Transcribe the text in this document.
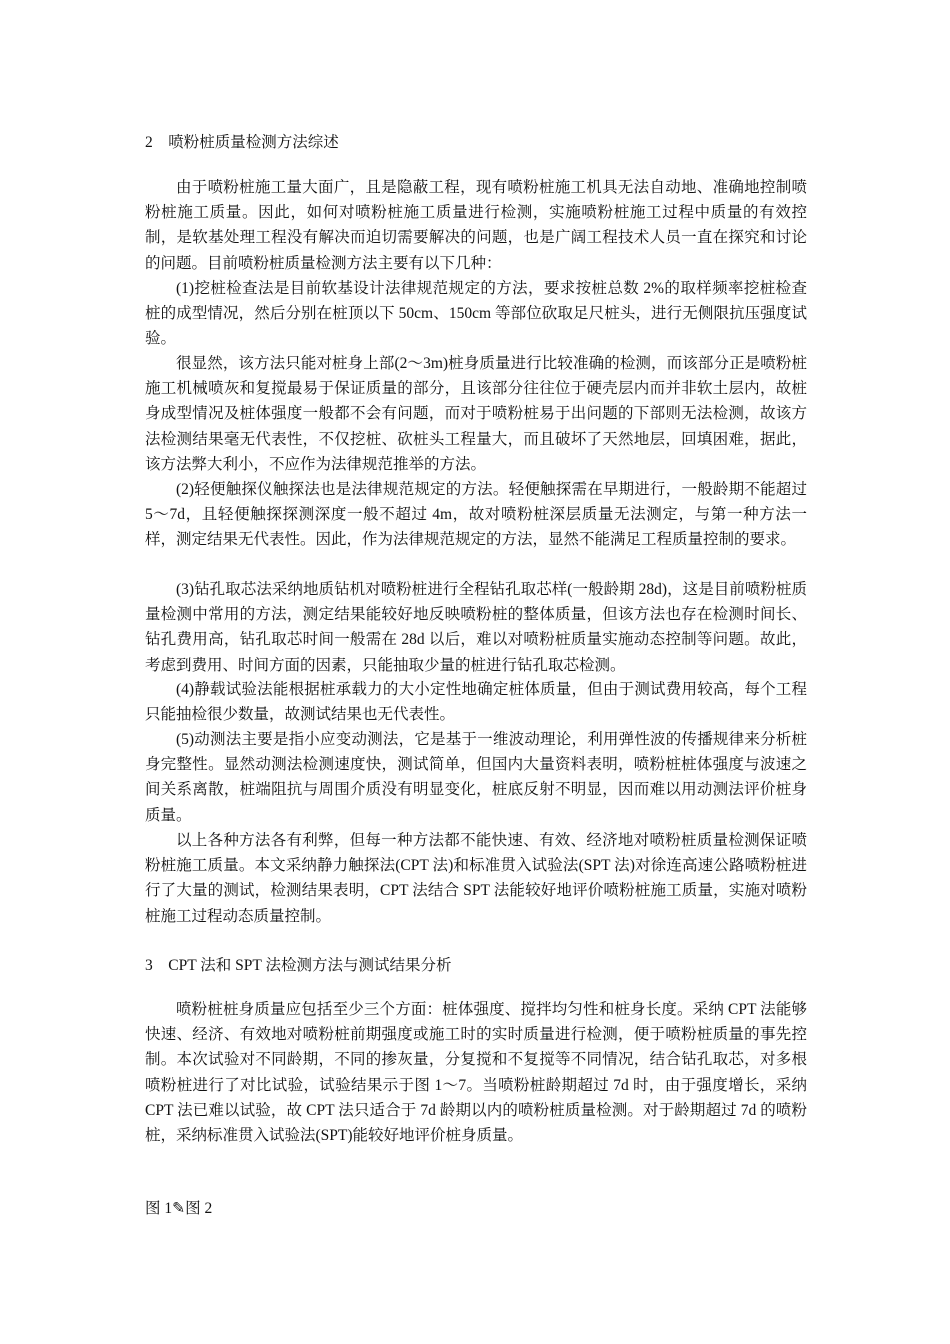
2　喷粉桩质量检测方法综述

由于喷粉桩施工量大面广，且是隐蔽工程，现有喷粉桩施工机具无法自动地、准确地控制喷粉桩施工质量。因此，如何对喷粉桩施工质量进行检测，实施喷粉桩施工过程中质量的有效控制，是软基处理工程没有解决而迫切需要解决的问题，也是广阔工程技术人员一直在探究和讨论的问题。目前喷粉桩质量检测方法主要有以下几种：

(1)挖桩检查法是目前软基设计法律规范规定的方法，要求按桩总数 2%的取样频率挖桩检查桩的成型情况，然后分别在桩顶以下 50cm、150cm 等部位砍取足尺桩头，进行无侧限抗压强度试验。

很显然，该方法只能对桩身上部(2～3m)桩身质量进行比较准确的检测，而该部分正是喷粉桩施工机械喷灰和复搅最易于保证质量的部分，且该部分往往位于硬壳层内而并非软土层内，故桩身成型情况及桩体强度一般都不会有问题，而对于喷粉桩易于出问题的下部则无法检测，故该方法检测结果毫无代表性，不仅挖桩、砍桩头工程量大，而且破坏了天然地层，回填困难，据此，该方法弊大利小，不应作为法律规范推举的方法。

(2)轻便触探仪触探法也是法律规范规定的方法。轻便触探需在早期进行，一般龄期不能超过 5～7d，且轻便触探探测深度一般不超过 4m，故对喷粉桩深层质量无法测定，与第一种方法一样，测定结果无代表性。因此，作为法律规范规定的方法，显然不能满足工程质量控制的要求。

(3)钻孔取芯法采纳地质钻机对喷粉桩进行全程钻孔取芯样(一般龄期 28d)，这是目前喷粉桩质量检测中常用的方法，测定结果能较好地反映喷粉桩的整体质量，但该方法也存在检测时间长、钻孔费用高，钻孔取芯时间一般需在 28d 以后，难以对喷粉桩质量实施动态控制等问题。故此，考虑到费用、时间方面的因素，只能抽取少量的桩进行钻孔取芯检测。

(4)静载试验法能根据桩承载力的大小定性地确定桩体质量，但由于测试费用较高，每个工程只能抽检很少数量，故测试结果也无代表性。

(5)动测法主要是指小应变动测法，它是基于一维波动理论，利用弹性波的传播规律来分析桩身完整性。显然动测法检测速度快，测试简单，但国内大量资料表明，喷粉桩桩体强度与波速之间关系离散，桩端阻抗与周围介质没有明显变化，桩底反射不明显，因而难以用动测法评价桩身质量。

以上各种方法各有利弊，但每一种方法都不能快速、有效、经济地对喷粉桩质量检测保证喷粉桩施工质量。本文采纳静力触探法(CPT 法)和标准贯入试验法(SPT 法)对徐连高速公路喷粉桩进行了大量的测试，检测结果表明，CPT 法结合 SPT 法能较好地评价喷粉桩施工质量，实施对喷粉桩施工过程动态质量控制。

3　CPT 法和 SPT 法检测方法与测试结果分析

喷粉桩桩身质量应包括至少三个方面：桩体强度、搅拌均匀性和桩身长度。采纳 CPT 法能够快速、经济、有效地对喷粉桩前期强度或施工时的实时质量进行检测，便于喷粉桩质量的事先控制。本次试验对不同龄期，不同的掺灰量，分复搅和不复搅等不同情况，结合钻孔取芯，对多根喷粉桩进行了对比试验，试验结果示于图 1～7。当喷粉桩龄期超过 7d 时，由于强度增长，采纳 CPT 法已难以试验，故 CPT 法只适合于 7d 龄期以内的喷粉桩质量检测。对于龄期超过 7d 的喷粉桩，采纳标准贯入试验法(SPT)能较好地评价桩身质量。

图 1✎图 2
